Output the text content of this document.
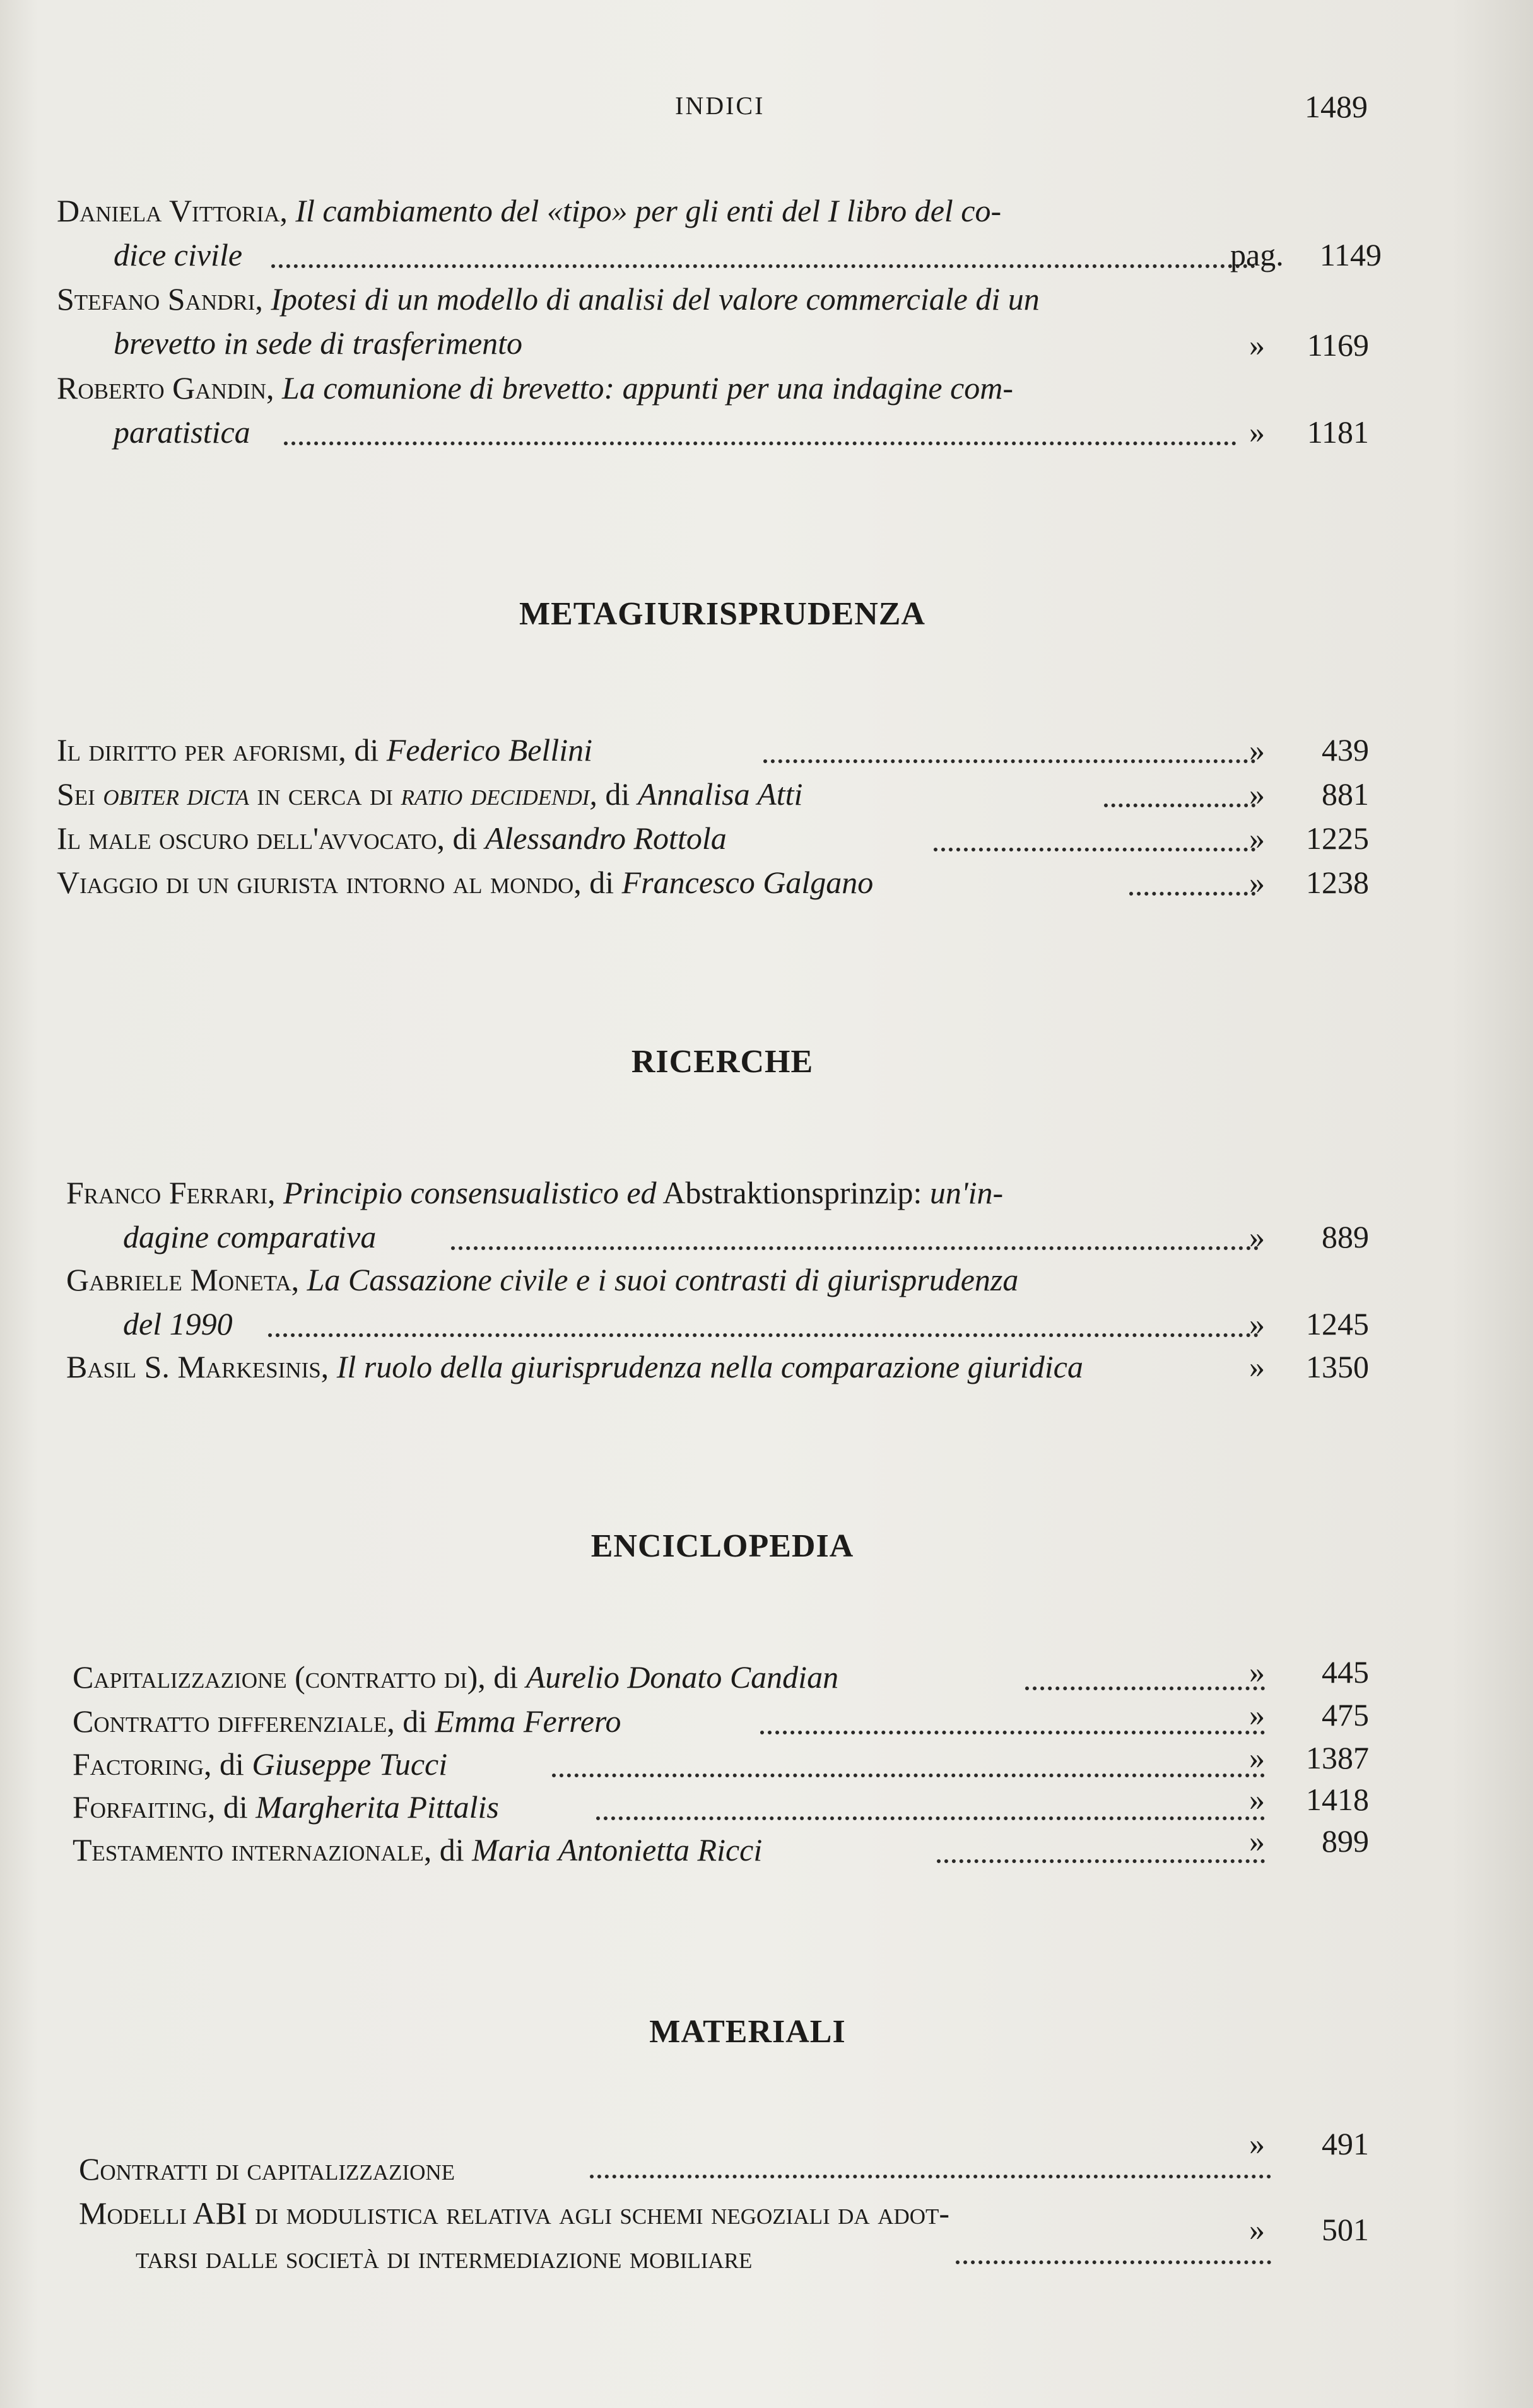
INDICI	1489
Daniela Vittoria, Il cambiamento del «tipo» per gli enti del I libro del co-
dice civile	pag. 1149
Stefano Sandri, Ipotesi di un modello di analisi del valore commerciale di un
brevetto in sede di trasferimento	» 1169
Roberto Gandin, La comunione di brevetto: appunti per una indagine com-
paratistica	» 1181
METAGIURISPRUDENZA
Il diritto per aforismi, di Federico Bellini	» 439
Sei obiter dicta in cerca di ratio decidendi, di Annalisa Atti	» 881
Il male oscuro dell'avvocato, di Alessandro Rottola	» 1225
Viaggio di un giurista intorno al mondo, di Francesco Galgano	» 1238
RICERCHE
Franco Ferrari, Principio consensualistico ed Abstraktionsprinzip: un'in-
dagine comparativa	» 889
Gabriele Moneta, La Cassazione civile e i suoi contrasti di giurisprudenza
del 1990	» 1245
Basil S. Markesinis, Il ruolo della giurisprudenza nella comparazione giuridica	» 1350
ENCICLOPEDIA
Capitalizzazione (contratto di), di Aurelio Donato Candian	» 445
Contratto differenziale, di Emma Ferrero	» 475
Factoring, di Giuseppe Tucci	» 1387
Forfaiting, di Margherita Pittalis	» 1418
Testamento internazionale, di Maria Antonietta Ricci	» 899
MATERIALI
Contratti di capitalizzazione
» 491
Modelli ABI di modulistica relativa agli schemi negoziali da adot-
tarsi dalle società di intermediazione mobiliare
» 501
